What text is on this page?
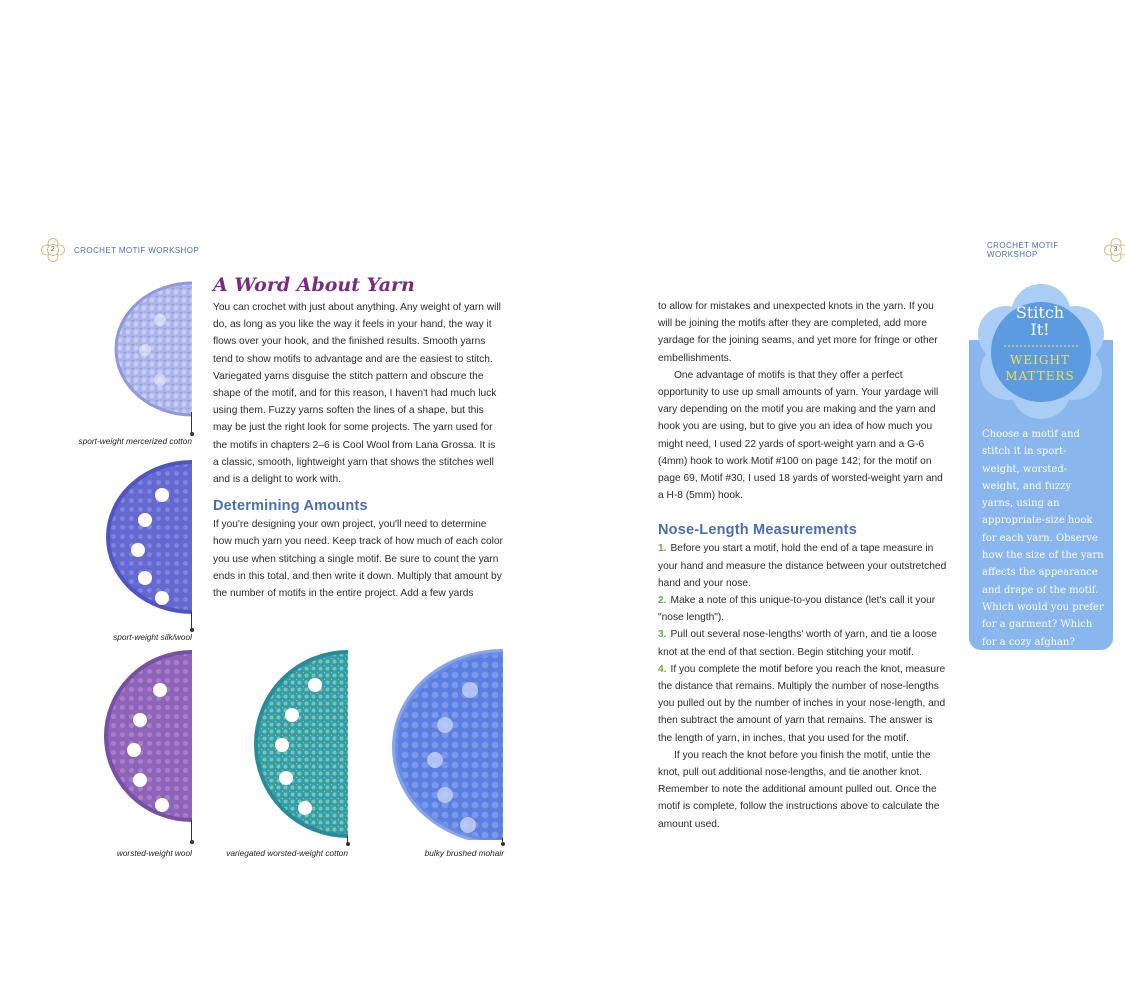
2	CROCHET MOTIF WORKSHOP
sport-weight mercerized cotton
sport-weight silk/wool
worsted-weight wool	variegated worsted-weight cotton	bulky brushed mohair
A Word About Yarn
You can crochet with just about anything. Any weight of yarn will do, as long as you like the way it feels in your hand, the way it flows over your hook, and the finished results. Smooth yarns tend to show motifs to advantage and are the easiest to stitch. Variegated yarns disguise the stitch pattern and obscure the shape of the motif, and for this reason, I haven't had much luck using them. Fuzzy yarns soften the lines of a shape, but this may be just the right look for some projects. The yarn used for the motifs in chapters 2–6 is Cool Wool from Lana Grossa. It is a classic, smooth, lightweight yarn that shows the stitches well and is a delight to work with.
Determining Amounts
If you're designing your own project, you'll need to determine how much yarn you need. Keep track of how much of each color you use when stitching a single motif. Be sure to count the yarn ends in this total, and then write it down. Multiply that amount by the number of motifs in the entire project. Add a few yards
CROCHET MOTIF WORKSHOP
3
to allow for mistakes and unexpected knots in the yarn. If you will be joining the motifs after they are completed, add more yardage for the joining seams, and yet more for fringe or other embellishments.
One advantage of motifs is that they offer a perfect opportunity to use up small amounts of yarn. Your yardage will vary depending on the motif you are making and the yarn and hook you are using, but to give you an idea of how much you might need, I used 22 yards of sport-weight yarn and a G-6 (4mm) hook to work Motif #100 on page 142; for the motif on page 69, Motif #30, I used 18 yards of worsted-weight yarn and a H-8 (5mm) hook.
Nose-Length Measurements
1. Before you start a motif, hold the end of a tape measure in your hand and measure the distance between your outstretched hand and your nose.
2. Make a note of this unique-to-you distance (let's call it your "nose length").
3. Pull out several nose-lengths' worth of yarn, and tie a loose knot at the end of that section. Begin stitching your motif.
4. If you complete the motif before you reach the knot, measure the distance that remains. Multiply the number of nose-lengths you pulled out by the number of inches in your nose-length, and then subtract the amount of yarn that remains. The answer is the length of yarn, in inches, that you used for the motif.
If you reach the knot before you finish the motif, untie the knot, pull out additional nose-lengths, and tie another knot. Remember to note the additional amount pulled out. Once the motif is complete, follow the instructions above to calculate the amount used.
Stitch
It!
WEIGHT
MATTERS

Choose a motif and stitch it in sport-weight, worsted-weight, and fuzzy yarns, using an appropriate-size hook for each yarn. Observe how the size of the yarn affects the appearance and drape of the motif. Which would you prefer for a garment? Which for a cozy afghan?
